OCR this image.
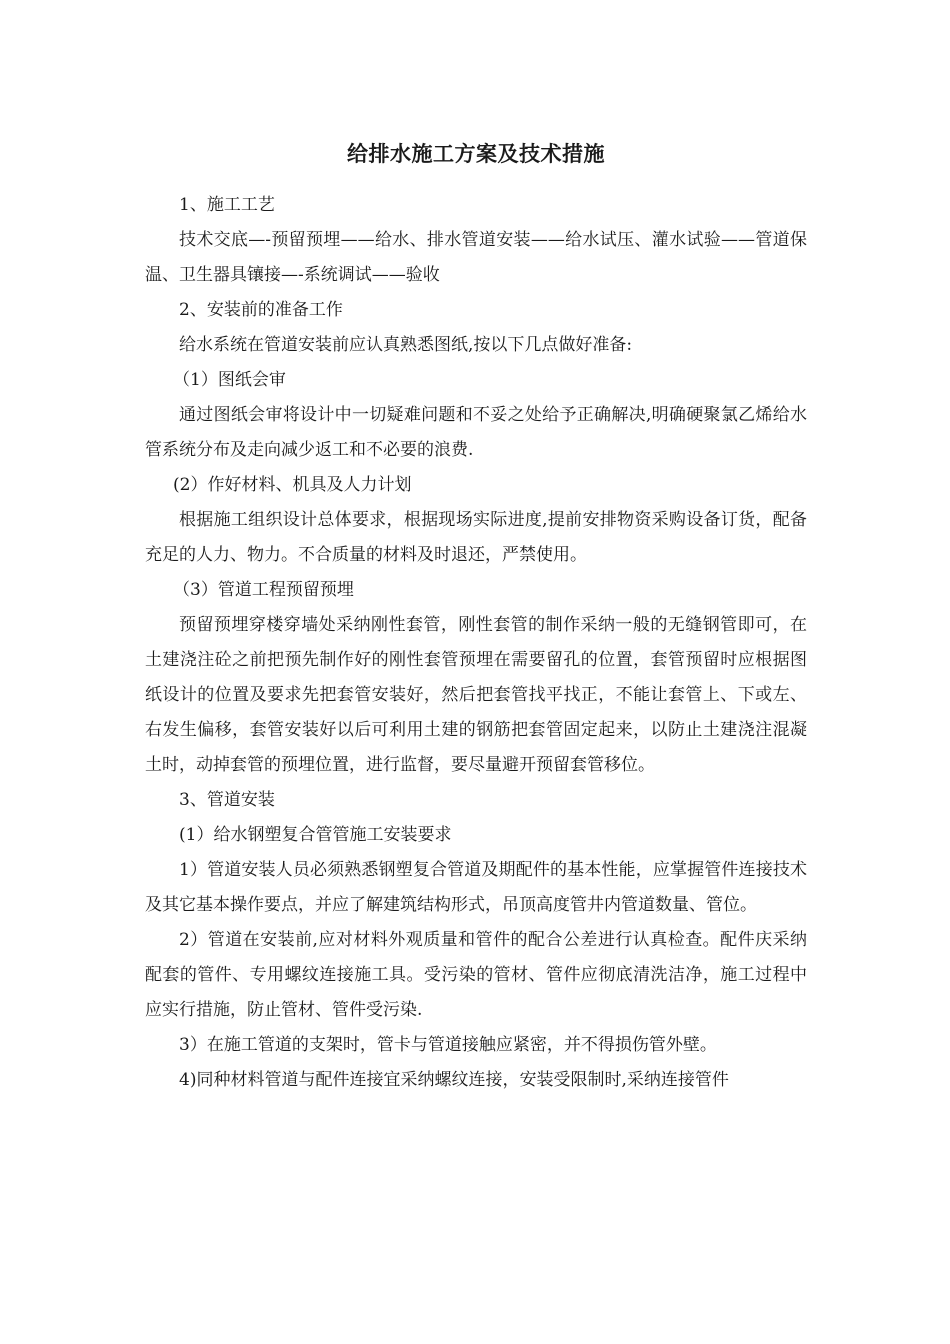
给排水施工方案及技术措施

1、施工工艺

技术交底—-预留预埋——给水、排水管道安装——给水试压、灌水试验——管道保温、卫生器具镶接—-系统调试——验收

2、安装前的准备工作

给水系统在管道安装前应认真熟悉图纸,按以下几点做好准备:

（1）图纸会审

通过图纸会审将设计中一切疑难问题和不妥之处给予正确解决,明确硬聚氯乙烯给水管系统分布及走向减少返工和不必要的浪费.

(2）作好材料、机具及人力计划

根据施工组织设计总体要求，根据现场实际进度,提前安排物资采购设备订货，配备充足的人力、物力。不合质量的材料及时退还，严禁使用。

（3）管道工程预留预埋

预留预埋穿楼穿墙处采纳刚性套管，刚性套管的制作采纳一般的无缝钢管即可，在土建浇注砼之前把预先制作好的刚性套管预埋在需要留孔的位置，套管预留时应根据图纸设计的位置及要求先把套管安装好，然后把套管找平找正，不能让套管上、下或左、右发生偏移，套管安装好以后可利用土建的钢筋把套管固定起来，以防止土建浇注混凝土时，动掉套管的预埋位置，进行监督，要尽量避开预留套管移位。

3、管道安装

(1）给水钢塑复合管管施工安装要求

1）管道安装人员必须熟悉钢塑复合管道及期配件的基本性能，应掌握管件连接技术及其它基本操作要点，并应了解建筑结构形式，吊顶高度管井内管道数量、管位。

2）管道在安装前,应对材料外观质量和管件的配合公差进行认真检查。配件庆采纳配套的管件、专用螺纹连接施工具。受污染的管材、管件应彻底清洗洁净，施工过程中应实行措施，防止管材、管件受污染.

3）在施工管道的支架时，管卡与管道接触应紧密，并不得损伤管外壁。

4)同种材料管道与配件连接宜采纳螺纹连接，安装受限制时,采纳连接管件
